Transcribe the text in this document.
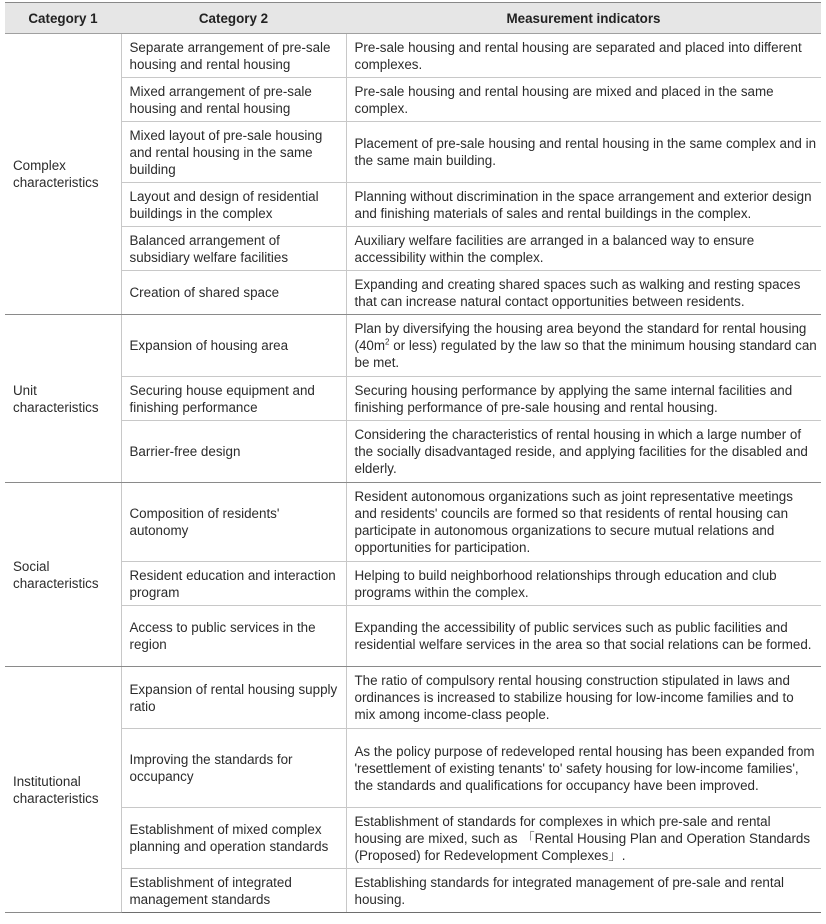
Category 1	Category 2	Measurement indicators
Complex characteristics	Separate arrangement of pre-sale housing and rental housing	Pre-sale housing and rental housing are separated and placed into different complexes.
	Mixed arrangement of pre-sale housing and rental housing	Pre-sale housing and rental housing are mixed and placed in the same complex.
	Mixed layout of pre-sale housing and rental housing in the same building	Placement of pre-sale housing and rental housing in the same complex and in the same main building.
	Layout and design of residential buildings in the complex	Planning without discrimination in the space arrangement and exterior design and finishing materials of sales and rental buildings in the complex.
	Balanced arrangement of subsidiary welfare facilities	Auxiliary welfare facilities are arranged in a balanced way to ensure accessibility within the complex.
	Creation of shared space	Expanding and creating shared spaces such as walking and resting spaces that can increase natural contact opportunities between residents.
Unit characteristics	Expansion of housing area	Plan by diversifying the housing area beyond the standard for rental housing ($40m^2$ or less) regulated by the law so that the minimum housing standard can be met.
	Securing house equipment and finishing performance	Securing housing performance by applying the same internal facilities and finishing performance of pre-sale housing and rental housing.
	Barrier-free design	Considering the characteristics of rental housing in which a large number of the socially disadvantaged reside, and applying facilities for the disabled and elderly.
Social characteristics	Composition of residents' autonomy	Resident autonomous organizations such as joint representative meetings and residents' councils are formed so that residents of rental housing can participate in autonomous organizations to secure mutual relations and opportunities for participation.
	Resident education and interaction program	Helping to build neighborhood relationships through education and club programs within the complex.
	Access to public services in the region	Expanding the accessibility of public services such as public facilities and residential welfare services in the area so that social relations can be formed.
Institutional characteristics	Expansion of rental housing supply ratio	The ratio of compulsory rental housing construction stipulated in laws and ordinances is increased to stabilize housing for low-income families and to mix among income-class people.
	Improving the standards for occupancy	As the policy purpose of redeveloped rental housing has been expanded from 'resettlement of existing tenants' to' safety housing for low-income families', the standards and qualifications for occupancy have been improved.
	Establishment of mixed complex planning and operation standards	Establishment of standards for complexes in which pre-sale and rental housing are mixed, such as 「Rental Housing Plan and Operation Standards (Proposed) for Redevelopment Complexes」.
	Establishment of integrated management standards	Establishing standards for integrated management of pre-sale and rental housing.
